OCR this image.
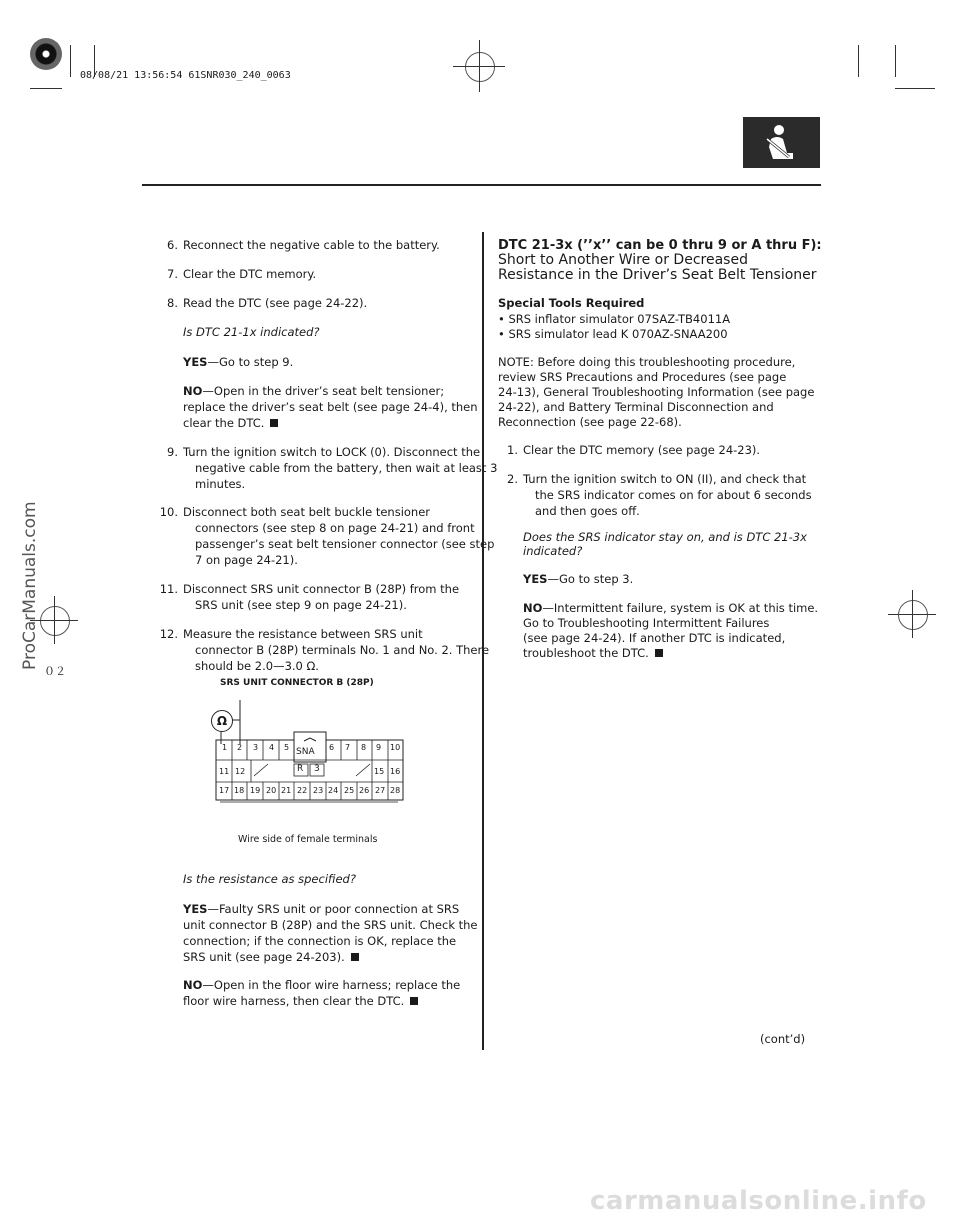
08/08/21 13:56:54 61SNR030_240_0063
6. Reconnect the negative cable to the battery.
7. Clear the DTC memory.
8. Read the DTC (see page 24-22).
Is DTC 21-1x indicated?
YES—Go to step 9.
NO—Open in the driver’s seat belt tensioner;
replace the driver’s seat belt (see page 24-4), then
clear the DTC.
9. Turn the ignition switch to LOCK (0). Disconnect the
negative cable from the battery, then wait at least 3
minutes.
10. Disconnect both seat belt buckle tensioner
connectors (see step 8 on page 24-21) and front
passenger’s seat belt tensioner connector (see step
7 on page 24-21).
11. Disconnect SRS unit connector B (28P) from the
SRS unit (see step 9 on page 24-21).
12. Measure the resistance between SRS unit
connector B (28P) terminals No. 1 and No. 2. There
should be 2.0—3.0 Ω.
SRS UNIT CONNECTOR B (28P)
Ω
1 2 3 4 5	6 7 8 9 10
SNA
R 3
11 12	15 16
17 18 19 20 21 22 23 24 25 26 27 28
Wire side of female terminals
Is the resistance as specified?
YES—Faulty SRS unit or poor connection at SRS
unit connector B (28P) and the SRS unit. Check the
connection; if the connection is OK, replace the
SRS unit (see page 24-203).
NO—Open in the floor wire harness; replace the
floor wire harness, then clear the DTC.
DTC 21-3x (’’x’’ can be 0 thru 9 or A thru F):
Short to Another Wire or Decreased
Resistance in the Driver’s Seat Belt Tensioner
Special Tools Required
• SRS inflator simulator 07SAZ-TB4011A
• SRS simulator lead K 070AZ-SNAA200
NOTE: Before doing this troubleshooting procedure,
review SRS Precautions and Procedures (see page
24-13), General Troubleshooting Information (see page
24-22), and Battery Terminal Disconnection and
Reconnection (see page 22-68).
1. Clear the DTC memory (see page 24-23).
2. Turn the ignition switch to ON (II), and check that
the SRS indicator comes on for about 6 seconds
and then goes off.
Does the SRS indicator stay on, and is DTC 21-3x
indicated?
YES—Go to step 3.
NO—Intermittent failure, system is OK at this time.
Go to Troubleshooting Intermittent Failures
(see page 24-24). If another DTC is indicated,
troubleshoot the DTC.
(cont’d)
ProCarManuals.com
０２
carmanualsonline.info
